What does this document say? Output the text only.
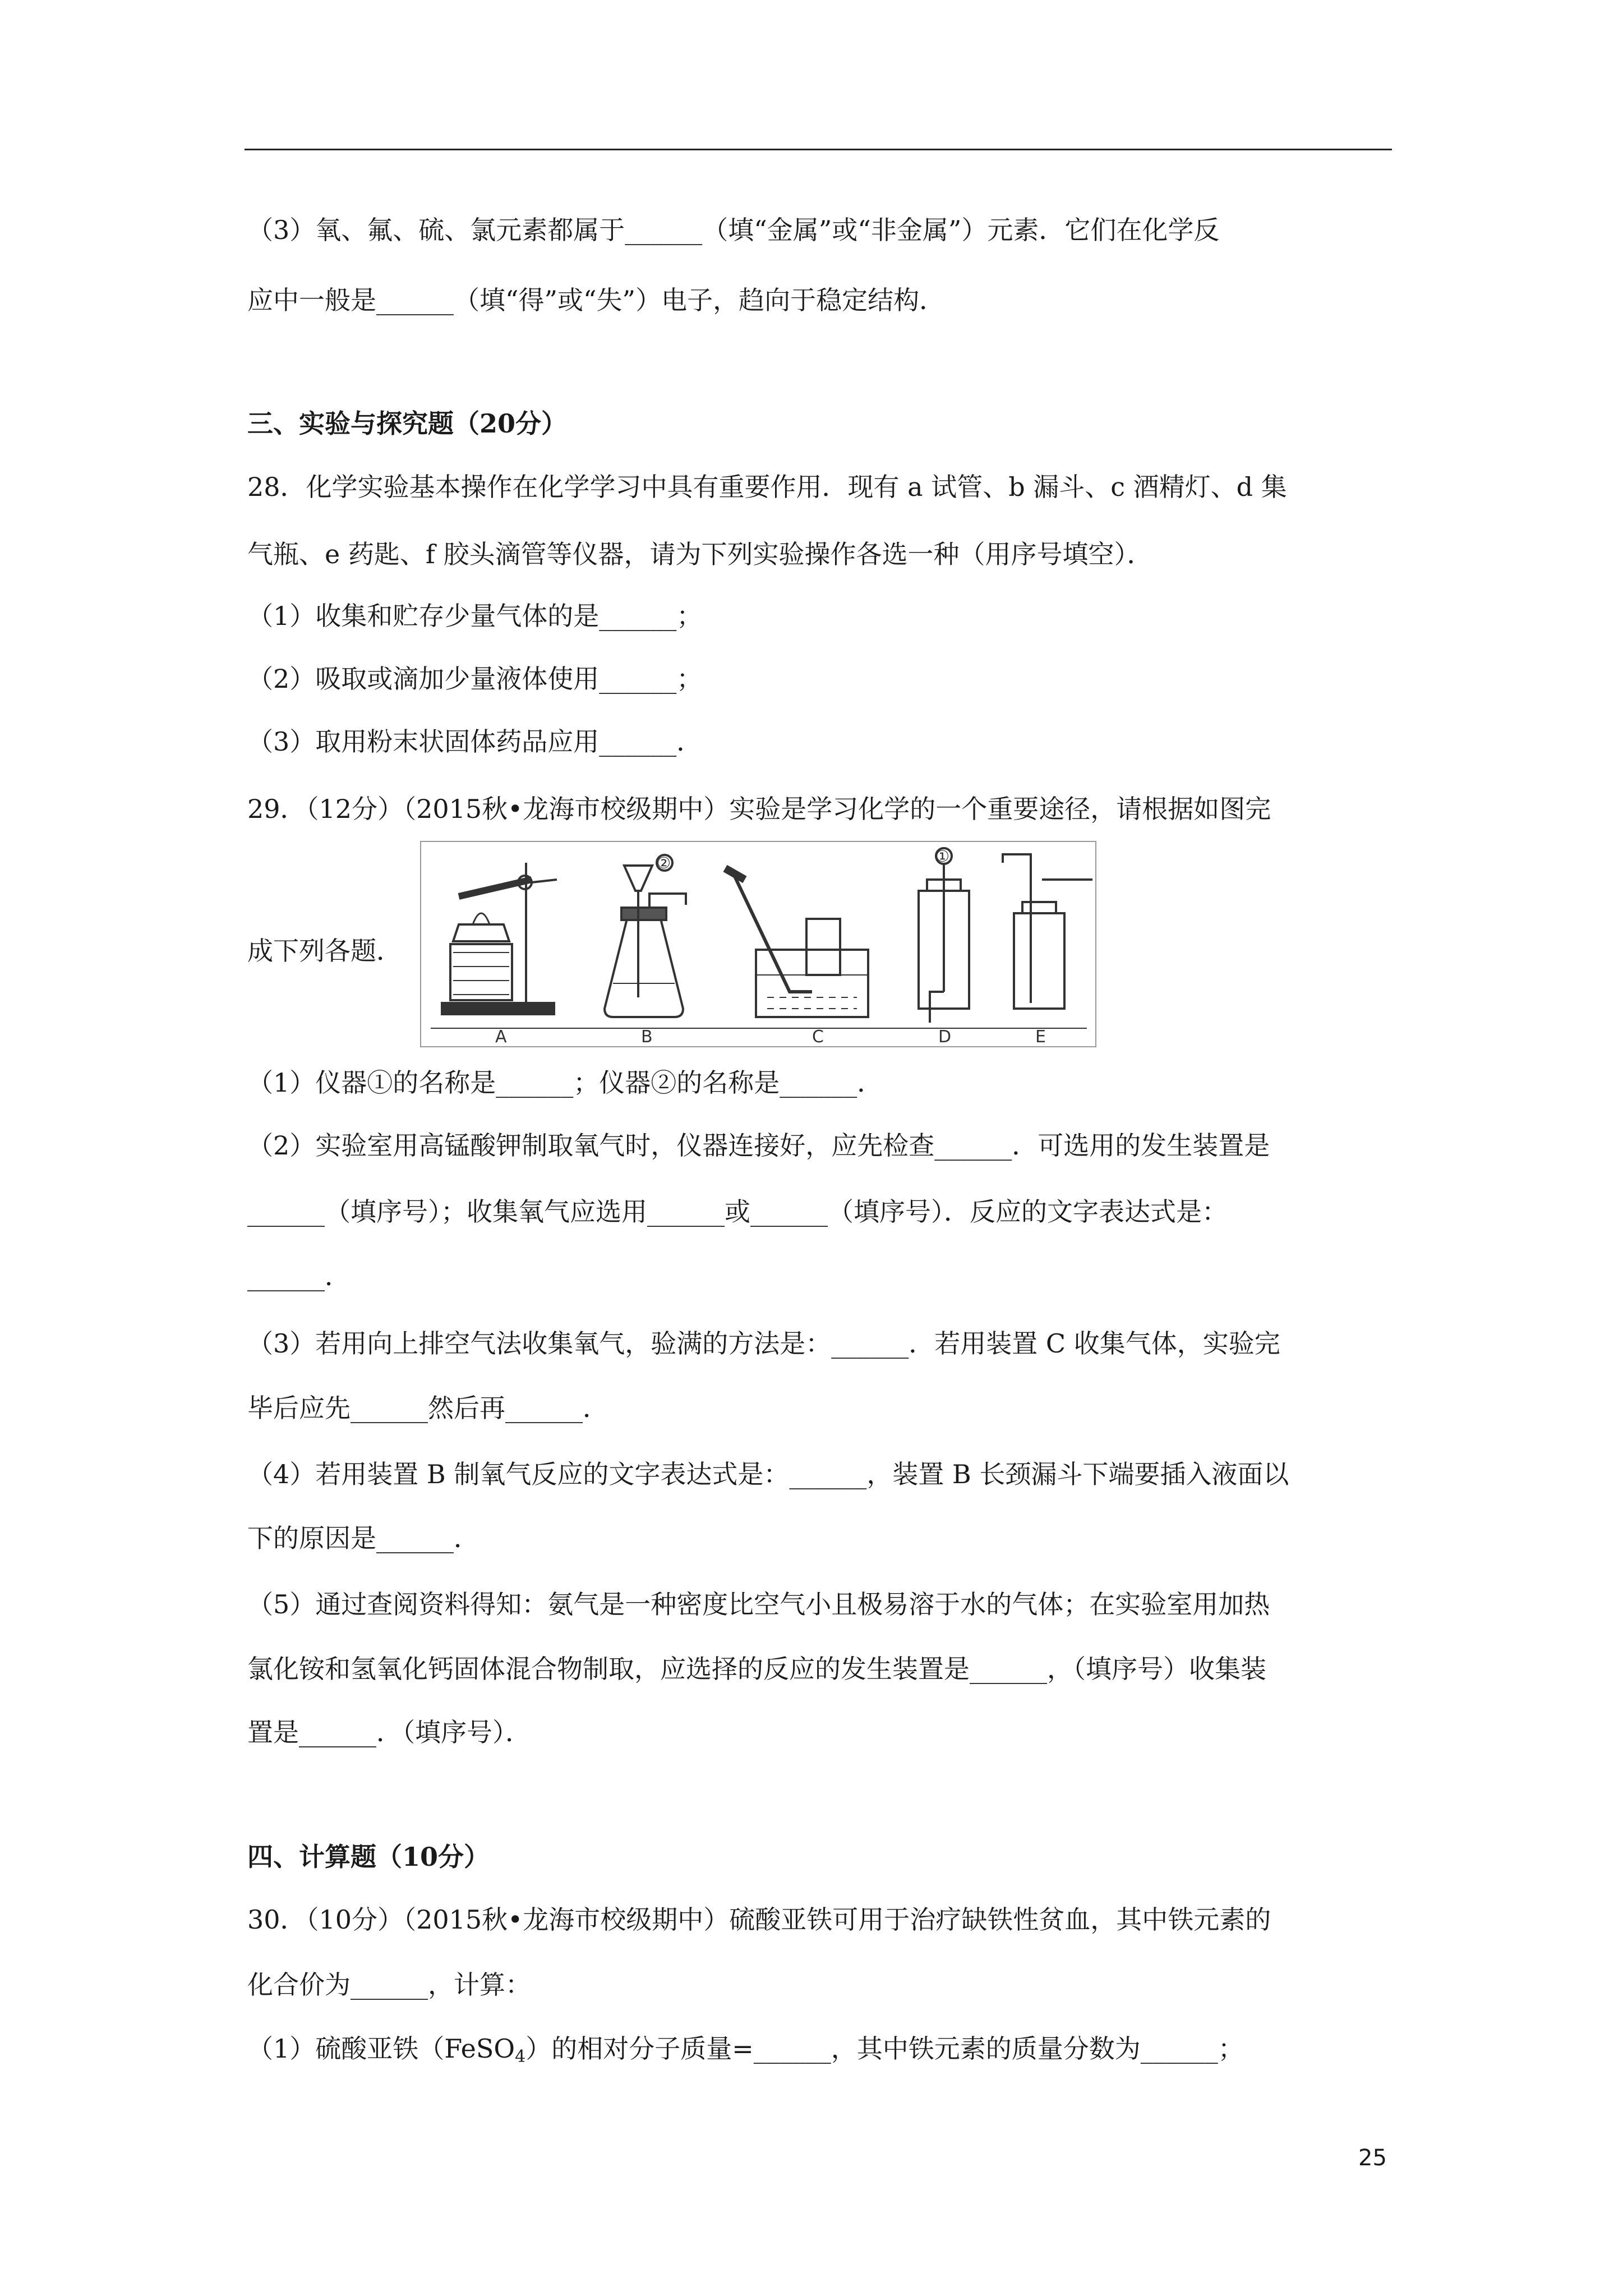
（3）氧、氟、硫、氯元素都属于______（填“金属”或“非金属”）元素．它们在化学反
应中一般是______（填“得”或“失”）电子，趋向于稳定结构．
三、实验与探究题（20分）
28．化学实验基本操作在化学学习中具有重要作用．现有 a 试管、b 漏斗、c 酒精灯、d 集
气瓶、e 药匙、f 胶头滴管等仪器，请为下列实验操作各选一种（用序号填空）．
（1）收集和贮存少量气体的是______；
（2）吸取或滴加少量液体使用______；
（3）取用粉末状固体药品应用______．
29．（12分）（2015秋•龙海市校级期中）实验是学习化学的一个重要途径，请根据如图完
成下列各题．
（1）仪器①的名称是______；仪器②的名称是______．
（2）实验室用高锰酸钾制取氧气时，仪器连接好，应先检查______．可选用的发生装置是
______（填序号）；收集氧气应选用______或______（填序号）．反应的文字表达式是：
______．
（3）若用向上排空气法收集氧气，验满的方法是：______．若用装置 C 收集气体，实验完
毕后应先______然后再______．
（4）若用装置 B 制氧气反应的文字表达式是：______，装置 B 长颈漏斗下端要插入液面以
下的原因是______．
（5）通过查阅资料得知：氨气是一种密度比空气小且极易溶于水的气体；在实验室用加热
氯化铵和氢氧化钙固体混合物制取，应选择的反应的发生装置是______，（填序号）收集装
置是______．（填序号）．
四、计算题（10分）
30．（10分）（2015秋•龙海市校级期中）硫酸亚铁可用于治疗缺铁性贫血，其中铁元素的
化合价为______，计算：
（1）硫酸亚铁（FeSO$_4$）的相对分子质量=______，其中铁元素的质量分数为______；
A	B	C	D	E
①
②
25
